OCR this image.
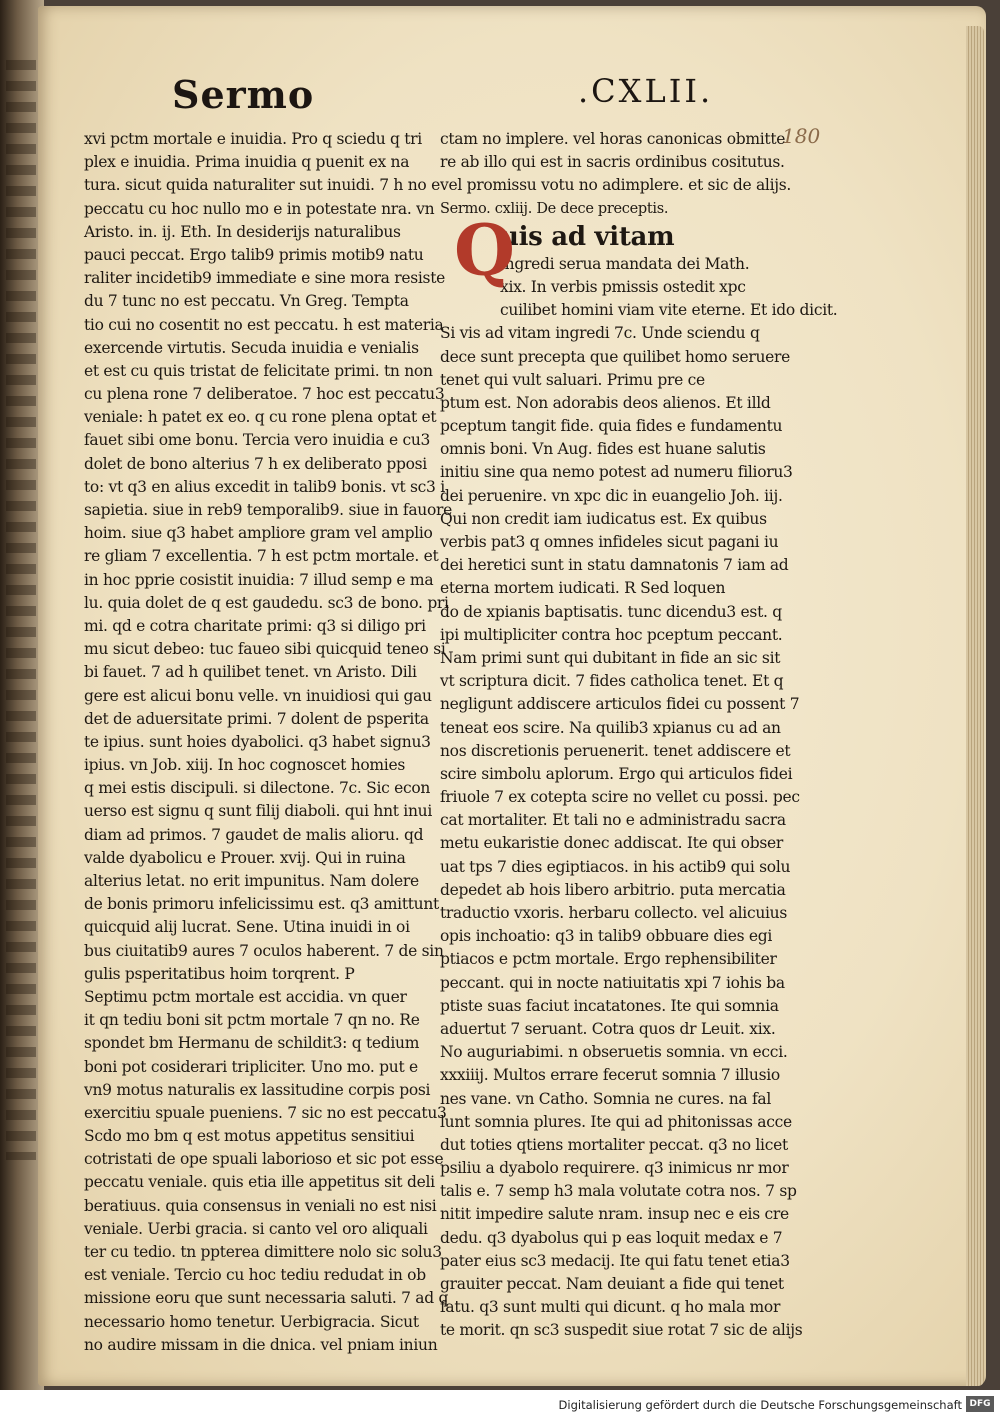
Sermo	.CXLII.
180
xvi pctm mortale e inuidia. Pro q sciedu q tri
plex e inuidia. Prima inuidia q puenit ex na
tura. sicut quida naturaliter sut inuidi. 7 h no e
peccatu cu hoc nullo mo e in potestate nra. vn
Aristo. in. ij. Eth. In desiderijs naturalibus
pauci peccat. Ergo talib9 primis motib9 natu
raliter incidetib9 immediate e sine mora resiste
du 7 tunc no est peccatu. Vn Greg. Tempta
tio cui no cosentit no est peccatu. h est materia
exercende virtutis. Secuda inuidia e venialis
et est cu quis tristat de felicitate primi. tn non
cu plena rone 7 deliberatoe. 7 hoc est peccatu3
veniale: h patet ex eo. q cu rone plena optat et
fauet sibi ome bonu. Tercia vero inuidia e cu3
dolet de bono alterius 7 h ex deliberato pposi
to: vt q3 en alius excedit in talib9 bonis. vt sc3 i
sapietia. siue in reb9 temporalib9. siue in fauore
hoim. siue q3 habet ampliore gram vel amplio
re gliam 7 excellentia. 7 h est pctm mortale. et
in hoc pprie cosistit inuidia: 7 illud semp e ma
lu. quia dolet de q est gaudedu. sc3 de bono. pri
mi. qd e cotra charitate primi: q3 si diligo pri
mu sicut debeo: tuc faueo sibi quicquid teneo si
bi fauet. 7 ad h quilibet tenet. vn Aristo. Dili
gere est alicui bonu velle. vn inuidiosi qui gau
det de aduersitate primi. 7 dolent de psperita
te ipius. sunt hoies dyabolici. q3 habet signu3
ipius. vn Job. xiij. In hoc cognoscet homies
q mei estis discipuli. si dilectone. 7c. Sic econ
uerso est signu q sunt filij diaboli. qui hnt inui
diam ad primos. 7 gaudet de malis alioru. qd
valde dyabolicu e Prouer. xvij. Qui in ruina
alterius letat. no erit impunitus. Nam dolere
de bonis primoru infelicissimu est. q3 amittunt
quicquid alij lucrat. Sene. Utina inuidi in oi
bus ciuitatib9 aures 7 oculos haberent. 7 de sin
gulis psperitatibus hoim torqrent. P
Septimu pctm mortale est accidia. vn quer
it qn tediu boni sit pctm mortale 7 qn no. Re
spondet bm Hermanu de schildit3: q tedium
boni pot cosiderari tripliciter. Uno mo. put e
vn9 motus naturalis ex lassitudine corpis posi
exercitiu spuale pueniens. 7 sic no est peccatu3
Scdo mo bm q est motus appetitus sensitiui
cotristati de ope spuali laborioso et sic pot esse
peccatu veniale. quis etia ille appetitus sit deli
beratiuus. quia consensus in veniali no est nisi
veniale. Uerbi gracia. si canto vel oro aliquali
ter cu tedio. tn ppterea dimittere nolo sic solu3
est veniale. Tercio cu hoc tediu redudat in ob
missione eoru que sunt necessaria saluti. 7 ad q
necessario homo tenetur. Uerbigracia. Sicut
no audire missam in die dnica. vel pniam iniun
ctam no implere. vel horas canonicas obmitte
re ab illo qui est in sacris ordinibus cositutus.
vel promissu votu no adimplere. et sic de alijs.
Sermo. cxliij. De dece preceptis.
uis ad vitam
ingredi serua mandata dei Math.
xix. In verbis pmissis ostedit xpc
cuilibet homini viam vite eterne. Et ido dicit.
Si vis ad vitam ingredi 7c. Unde sciendu q
dece sunt precepta que quilibet homo seruere
tenet qui vult saluari. Primu pre ce
ptum est. Non adorabis deos alienos. Et illd
pceptum tangit fide. quia fides e fundamentu
omnis boni. Vn Aug. fides est huane salutis
initiu sine qua nemo potest ad numeru filioru3
dei peruenire. vn xpc dic in euangelio Joh. iij.
Qui non credit iam iudicatus est. Ex quibus
verbis pat3 q omnes infideles sicut pagani iu
dei heretici sunt in statu damnatonis 7 iam ad
eterna mortem iudicati. R Sed loquen
do de xpianis baptisatis. tunc dicendu3 est. q
ipi multipliciter contra hoc pceptum peccant.
Nam primi sunt qui dubitant in fide an sic sit
vt scriptura dicit. 7 fides catholica tenet. Et q
negligunt addiscere articulos fidei cu possent 7
teneat eos scire. Na quilib3 xpianus cu ad an
nos discretionis peruenerit. tenet addiscere et
scire simbolu aplorum. Ergo qui articulos fidei
friuole 7 ex cotepta scire no vellet cu possi. pec
cat mortaliter. Et tali no e administradu sacra
metu eukaristie donec addiscat. Ite qui obser
uat tps 7 dies egiptiacos. in his actib9 qui solu
depedet ab hois libero arbitrio. puta mercatia
traductio vxoris. herbaru collecto. vel alicuius
opis inchoatio: q3 in talib9 obbuare dies egi
ptiacos e pctm mortale. Ergo rephensibiliter
peccant. qui in nocte natiuitatis xpi 7 iohis ba
ptiste suas faciut incatatones. Ite qui somnia
aduertut 7 seruant. Cotra quos dr Leuit. xix.
No auguriabimi. n obseruetis somnia. vn ecci.
xxxiiij. Multos errare fecerut somnia 7 illusio
nes vane. vn Catho. Somnia ne cures. na fal
lunt somnia plures. Ite qui ad phitonissas acce
dut toties qtiens mortaliter peccat. q3 no licet
psiliu a dyabolo requirere. q3 inimicus nr mor
talis e. 7 semp h3 mala volutate cotra nos. 7 sp
nitit impedire salute nram. insup nec e eis cre
dedu. q3 dyabolus qui p eas loquit medax e 7
pater eius sc3 medacij. Ite qui fatu tenet etia3
grauiter peccat. Nam deuiant a fide qui tenet
fatu. q3 sunt multi qui dicunt. q ho mala mor
te morit. qn sc3 suspedit siue rotat 7 sic de alijs
Q
Digitalisierung gefördert durch die Deutsche Forschungsgemeinschaft DFG
